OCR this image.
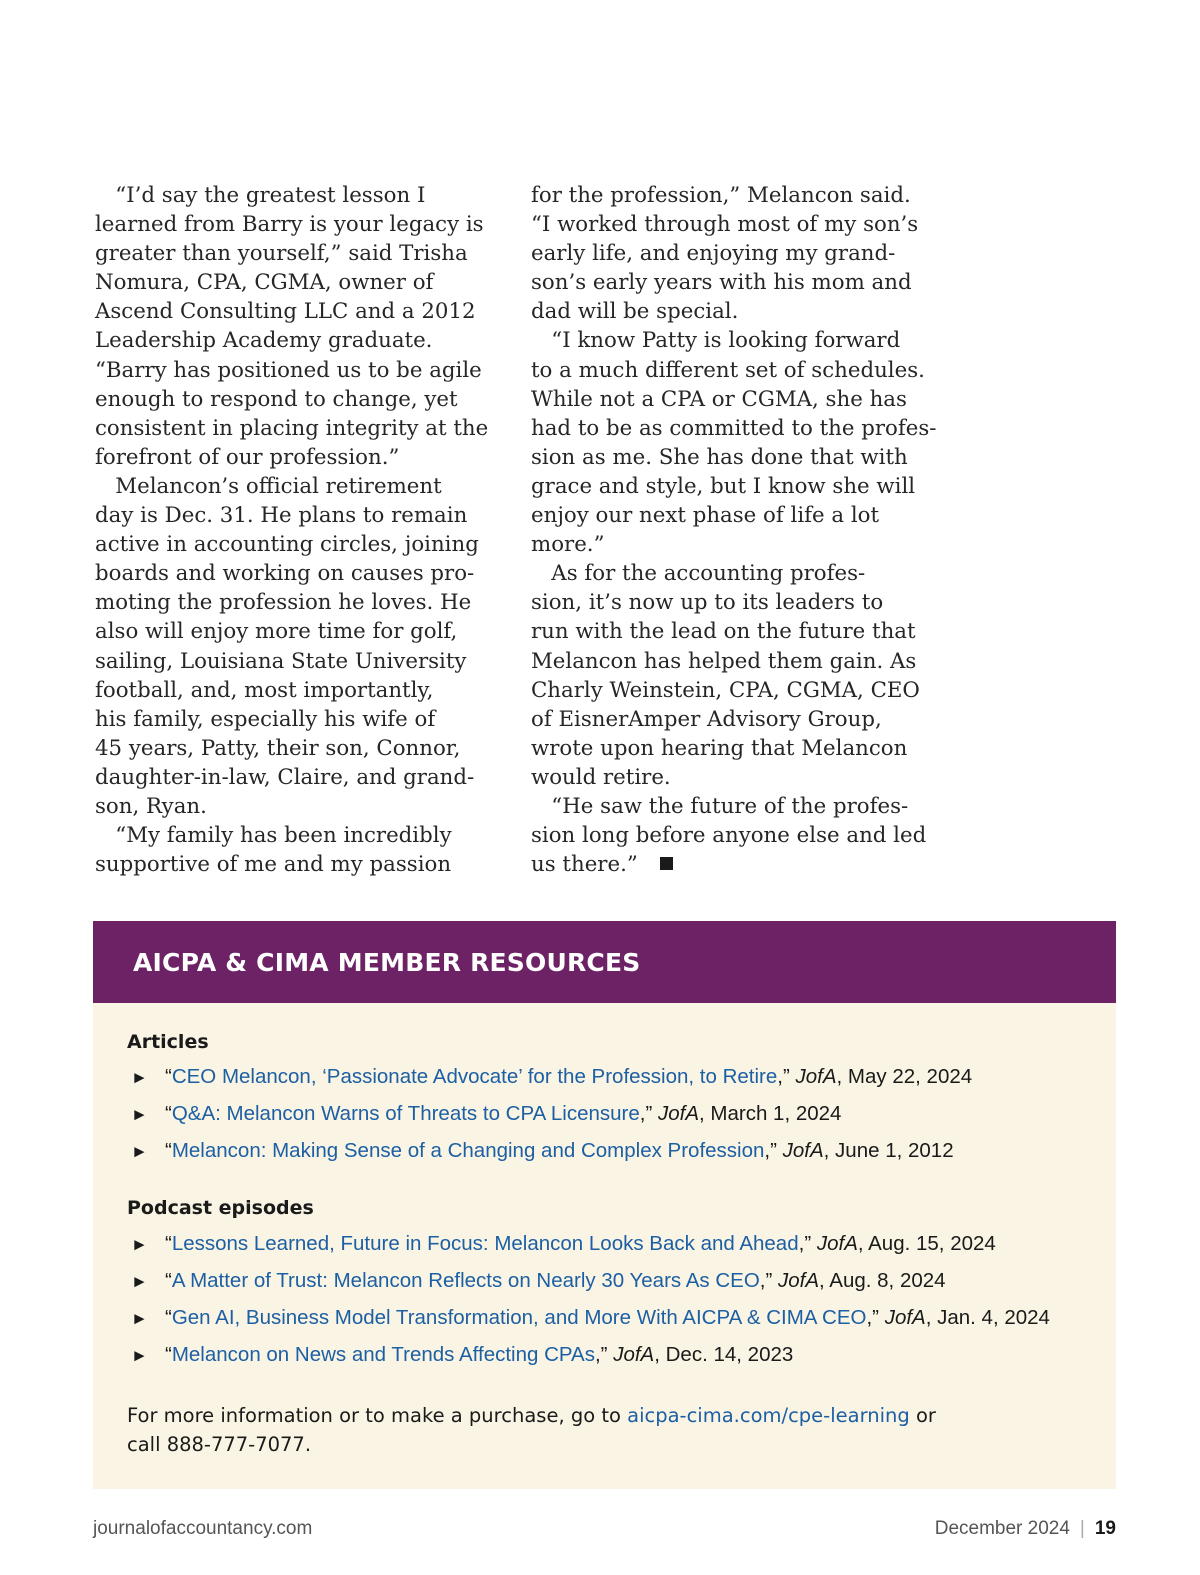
“I’d say the greatest lesson I
learned from Barry is your legacy is
greater than yourself,” said Trisha
Nomura, CPA, CGMA, owner of
Ascend Consulting LLC and a 2012
Leadership Academy graduate.
“Barry has positioned us to be agile
enough to respond to change, yet
consistent in placing integrity at the
forefront of our profession.”
Melancon’s official retirement
day is Dec. 31. He plans to remain
active in accounting circles, joining
boards and working on causes pro-
moting the profession he loves. He
also will enjoy more time for golf,
sailing, Louisiana State University
football, and, most importantly,
his family, especially his wife of
45 years, Patty, their son, Connor,
daughter-in-law, Claire, and grand-
son, Ryan.
“My family has been incredibly
supportive of me and my passion
for the profession,” Melancon said.
“I worked through most of my son’s
early life, and enjoying my grand-
son’s early years with his mom and
dad will be special.
“I know Patty is looking forward
to a much different set of schedules.
While not a CPA or CGMA, she has
had to be as committed to the profes-
sion as me. She has done that with
grace and style, but I know she will
enjoy our next phase of life a lot
more.”
As for the accounting profes-
sion, it’s now up to its leaders to
run with the lead on the future that
Melancon has helped them gain. As
Charly Weinstein, CPA, CGMA, CEO
of EisnerAmper Advisory Group,
wrote upon hearing that Melancon
would retire.
“He saw the future of the profes-
sion long before anyone else and led
us there.”
AICPA & CIMA MEMBER RESOURCES
Articles
► “CEO Melancon, ‘Passionate Advocate’ for the Profession, to Retire,” JofA, May 22, 2024
► “Q&A: Melancon Warns of Threats to CPA Licensure,” JofA, March 1, 2024
► “Melancon: Making Sense of a Changing and Complex Profession,” JofA, June 1, 2012
Podcast episodes
► “Lessons Learned, Future in Focus: Melancon Looks Back and Ahead,” JofA, Aug. 15, 2024
► “A Matter of Trust: Melancon Reflects on Nearly 30 Years As CEO,” JofA, Aug. 8, 2024
► “Gen AI, Business Model Transformation, and More With AICPA & CIMA CEO,” JofA, Jan. 4, 2024
► “Melancon on News and Trends Affecting CPAs,” JofA, Dec. 14, 2023
For more information or to make a purchase, go to aicpa-cima.com/cpe-learning or
call 888-777-7077.
journalofaccountancy.com	December 2024 | 19
